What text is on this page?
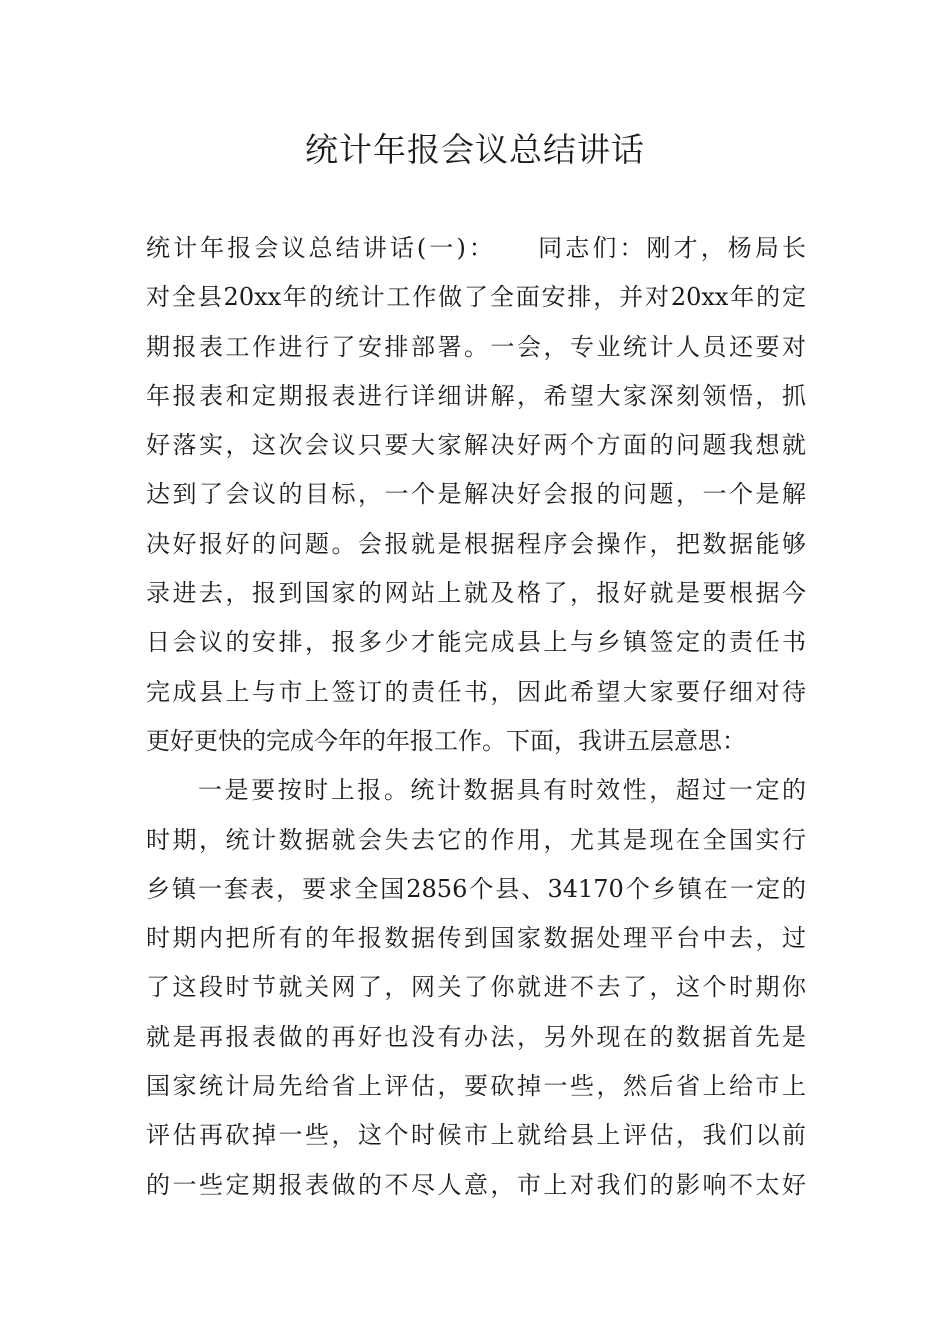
统计年报会议总结讲话
统计年报会议总结讲话(一)：　　同志们：刚才，杨局长
对全县20xx年的统计工作做了全面安排，并对20xx年的定
期报表工作进行了安排部署。一会，专业统计人员还要对
年报表和定期报表进行详细讲解，希望大家深刻领悟，抓
好落实，这次会议只要大家解决好两个方面的问题我想就
达到了会议的目标，一个是解决好会报的问题，一个是解
决好报好的问题。会报就是根据程序会操作，把数据能够
录进去，报到国家的网站上就及格了，报好就是要根据今
日会议的安排，报多少才能完成县上与乡镇签定的责任书
完成县上与市上签订的责任书，因此希望大家要仔细对待
更好更快的完成今年的年报工作。下面，我讲五层意思：
一是要按时上报。统计数据具有时效性，超过一定的
时期，统计数据就会失去它的作用，尤其是现在全国实行
乡镇一套表，要求全国2856个县、34170个乡镇在一定的
时期内把所有的年报数据传到国家数据处理平台中去，过
了这段时节就关网了，网关了你就进不去了，这个时期你
就是再报表做的再好也没有办法，另外现在的数据首先是
国家统计局先给省上评估，要砍掉一些，然后省上给市上
评估再砍掉一些，这个时候市上就给县上评估，我们以前
的一些定期报表做的不尽人意，市上对我们的影响不太好
